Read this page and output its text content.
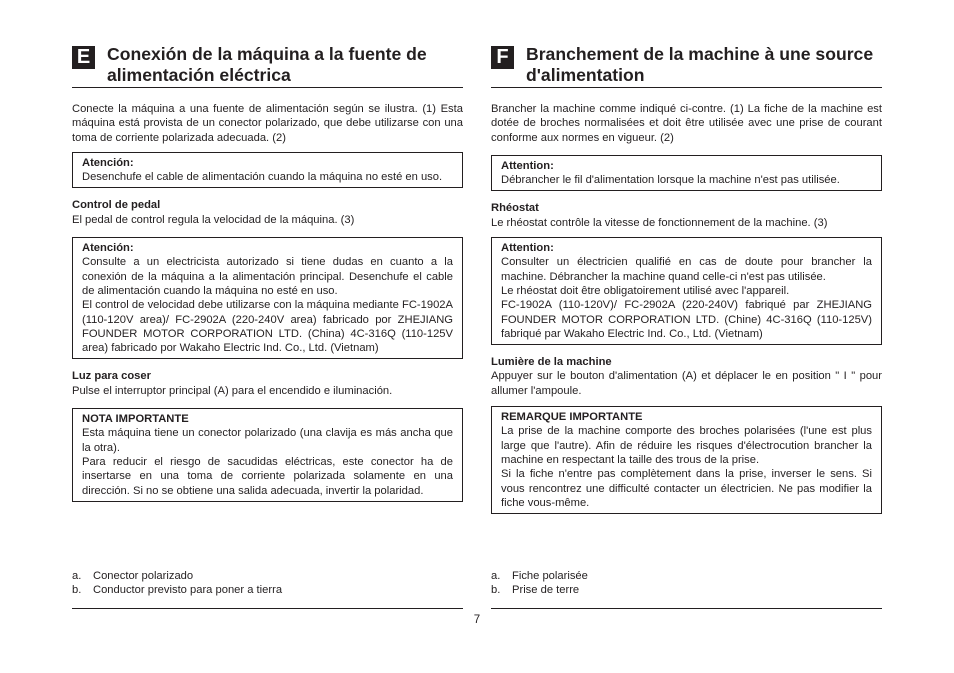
E Conexión de la máquina a la fuente de alimentación eléctrica

Conecte la máquina a una fuente de alimentación según se ilustra. (1) Esta máquina está provista de un conector polarizado, que debe utilizarse con una toma de corriente polarizada adecuada. (2)

Atención:
Desenchufe el cable de alimentación cuando la máquina no esté en uso.
Control de pedal

El pedal de control regula la velocidad de la máquina. (3)

Atención:
Consulte a un electricista autorizado si tiene dudas en cuanto a la conexión de la máquina a la alimentación principal. Desenchufe el cable de alimentación cuando la máquina no esté en uso.
El control de velocidad debe utilizarse con la máquina mediante FC-1902A (110-120V area)/ FC-2902A (220-240V area) fabricado por ZHEJIANG FOUNDER MOTOR CORPORATION LTD. (China) 4C-316Q (110-125V area) fabricado por Wakaho Electric Ind. Co., Ltd. (Vietnam)
Luz para coser

Pulse el interruptor principal (A) para el encendido e iluminación.

NOTA IMPORTANTE
Esta máquina tiene un conector polarizado (una clavija es más ancha que la otra).
Para reducir el riesgo de sacudidas eléctricas, este conector ha de insertarse en una toma de corriente polarizada solamente en una dirección. Si no se obtiene una salida adecuada, invertir la polaridad.
F Branchement de la machine à une source d'alimentation

Brancher la machine comme indiqué ci-contre. (1) La fiche de la machine est dotée de broches normalisées et doit être utilisée avec une prise de courant conforme aux normes en vigueur. (2)

Attention:
Débrancher le fil d'alimentation lorsque la machine n'est pas utilisée.
Rhéostat

Le rhéostat contrôle la vitesse de fonctionnement de la machine. (3)

Attention:
Consulter un électricien qualifié en cas de doute pour brancher la machine. Débrancher la machine quand celle-ci n'est pas utilisée.
Le rhéostat doit être obligatoirement utilisé avec l'appareil.
FC-1902A (110-120V)/ FC-2902A (220-240V) fabriqué par ZHEJIANG FOUNDER MOTOR CORPORATION LTD. (Chine) 4C-316Q (110-125V) fabriqué par Wakaho Electric Ind. Co., Ltd. (Vietnam)
Lumière de la machine

Appuyer sur le bouton d'alimentation (A) et déplacer le en position " I " pour allumer l'ampoule.

REMARQUE IMPORTANTE
La prise de la machine comporte des broches polarisées (l'une est plus large que l'autre). Afin de réduire les risques d'électrocution brancher la machine en respectant la taille des trous de la prise.
Si la fiche n'entre pas complètement dans la prise, inverser le sens. Si vous rencontrez une difficulté contacter un électricien. Ne pas modifier la fiche vous-même.
a.	Conector polarizado
b.	Conductor previsto para poner a tierra
a.	Fiche polarisée
b.	Prise de terre
7
